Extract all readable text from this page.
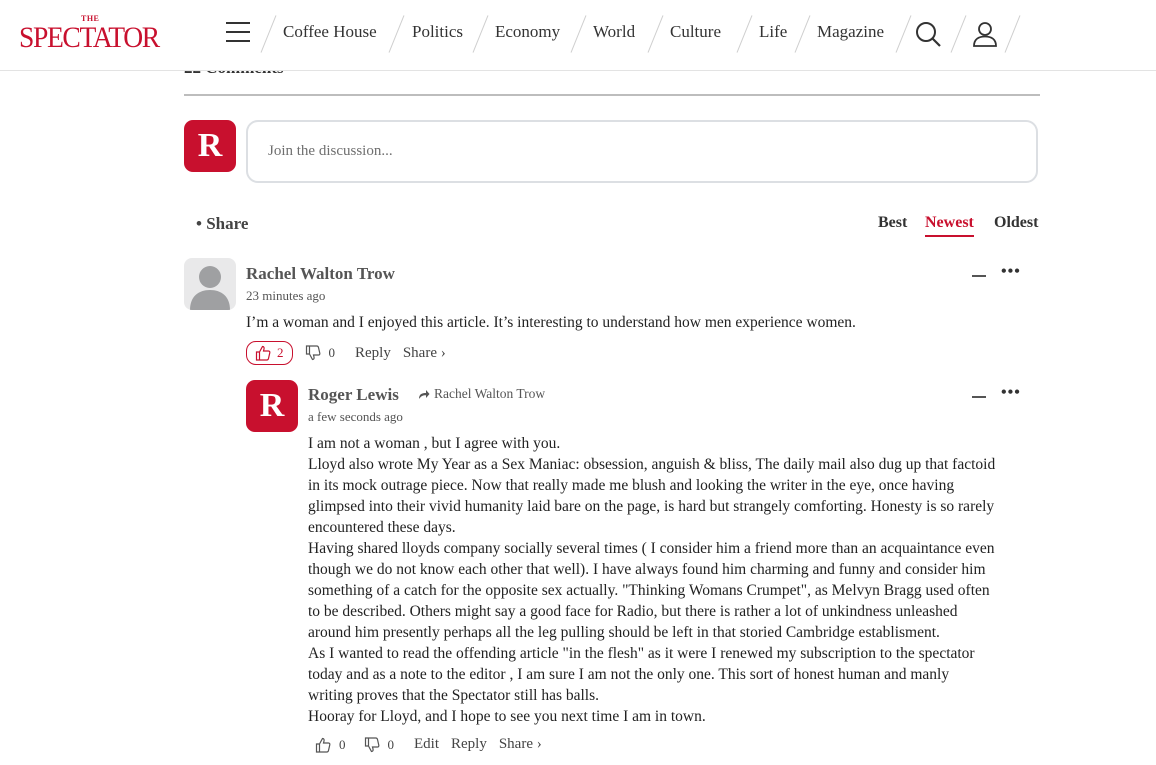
THE
SPECTATOR	Coffee House Politics Economy World Culture Life Magazine
R	Join the discussion...
• Share	Best Newest Oldest
Rachel Walton Trow
23 minutes ago
•••
I’m a woman and I enjoyed this article. It’s interesting to understand how men experience women.
2	0 Reply Share ›
R	Roger Lewis	Rachel Walton Trow
a few seconds ago
•••
I am not a woman , but I agree with you.
Lloyd also wrote My Year as a Sex Maniac: obsession, anguish & bliss, The daily mail also dug up that factoid
in its mock outrage piece. Now that really made me blush and looking the writer in the eye, once having
glimpsed into their vivid humanity laid bare on the page, is hard but strangely comforting. Honesty is so rarely
encountered these days.
Having shared lloyds company socially several times ( I consider him a friend more than an acquaintance even
though we do not know each other that well). I have always found him charming and funny and consider him
something of a catch for the opposite sex actually. "Thinking Womans Crumpet", as Melvyn Bragg used often
to be described. Others might say a good face for Radio, but there is rather a lot of unkindness unleashed
around him presently perhaps all the leg pulling should be left in that storied Cambridge establisment.
As I wanted to read the offending article "in the flesh" as it were I renewed my subscription to the spectator
today and as a note to the editor , I am sure I am not the only one. This sort of honest human and manly
writing proves that the Spectator still has balls.
Hooray for Lloyd, and I hope to see you next time I am in town.
0	0 Edit Reply Share ›
